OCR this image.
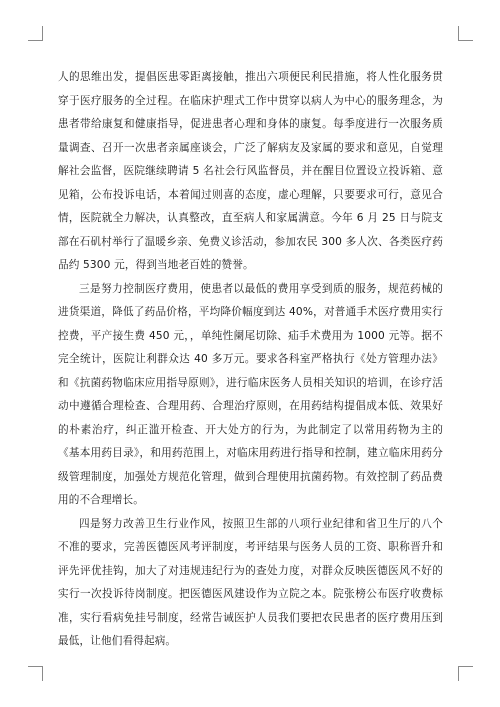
人的思维出发，提倡医患零距离接触，推出六项便民利民措施，将人性化服务贯穿于医疗服务的全过程。在临床护理式工作中贯穿以病人为中心的服务理念，为患者带给康复和健康指导，促进患者心理和身体的康复。每季度进行一次服务质量调查、召开一次患者亲属座谈会，广泛了解病友及家属的要求和意见，自觉理解社会监督，医院继续聘请 5 名社会行风监督员，并在醒目位置设立投诉箱、意见箱，公布投诉电话，本着闻过则喜的态度，虚心理解，只要要求可行，意见合情，医院就全力解决，认真整改，直至病人和家属满意。今年 6 月 25 日与院支部在石矶村举行了温暖乡亲、免费义诊活动，参加农民 300 多人次、各类医疗药品约 5300 元，得到当地老百姓的赞誉。

三是努力控制医疗费用，使患者以最低的费用享受到质的服务，规范药械的进货渠道，降低了药品价格，平均降价幅度到达 40%，对普通手术医疗费用实行控费，平产接生费 450 元，，单纯性阑尾切除、疝手术费用为 1000 元等。据不完全统计，医院让利群众达 40 多万元。要求各科室严格执行《处方管理办法》和《抗菌药物临床应用指导原则》，进行临床医务人员相关知识的培训，在诊疗活动中遵循合理检查、合理用药、合理治疗原则，在用药结构提倡成本低、效果好的朴素治疗，纠正滥开检查、开大处方的行为，为此制定了以常用药物为主的《基本用药目录》，和用药范围上，对临床用药进行指导和控制，建立临床用药分级管理制度，加强处方规范化管理，做到合理使用抗菌药物。有效控制了药品费用的不合理增长。

四是努力改善卫生行业作风，按照卫生部的八项行业纪律和省卫生厅的八个不准的要求，完善医德医风考评制度，考评结果与医务人员的工资、职称晋升和评先评优挂钩，加大了对违规违纪行为的查处力度，对群众反映医德医风不好的实行一次投诉待岗制度。把医德医风建设作为立院之本。院张榜公布医疗收费标准，实行看病免挂号制度，经常告诫医护人员我们要把农民患者的医疗费用压到最低，让他们看得起病。
